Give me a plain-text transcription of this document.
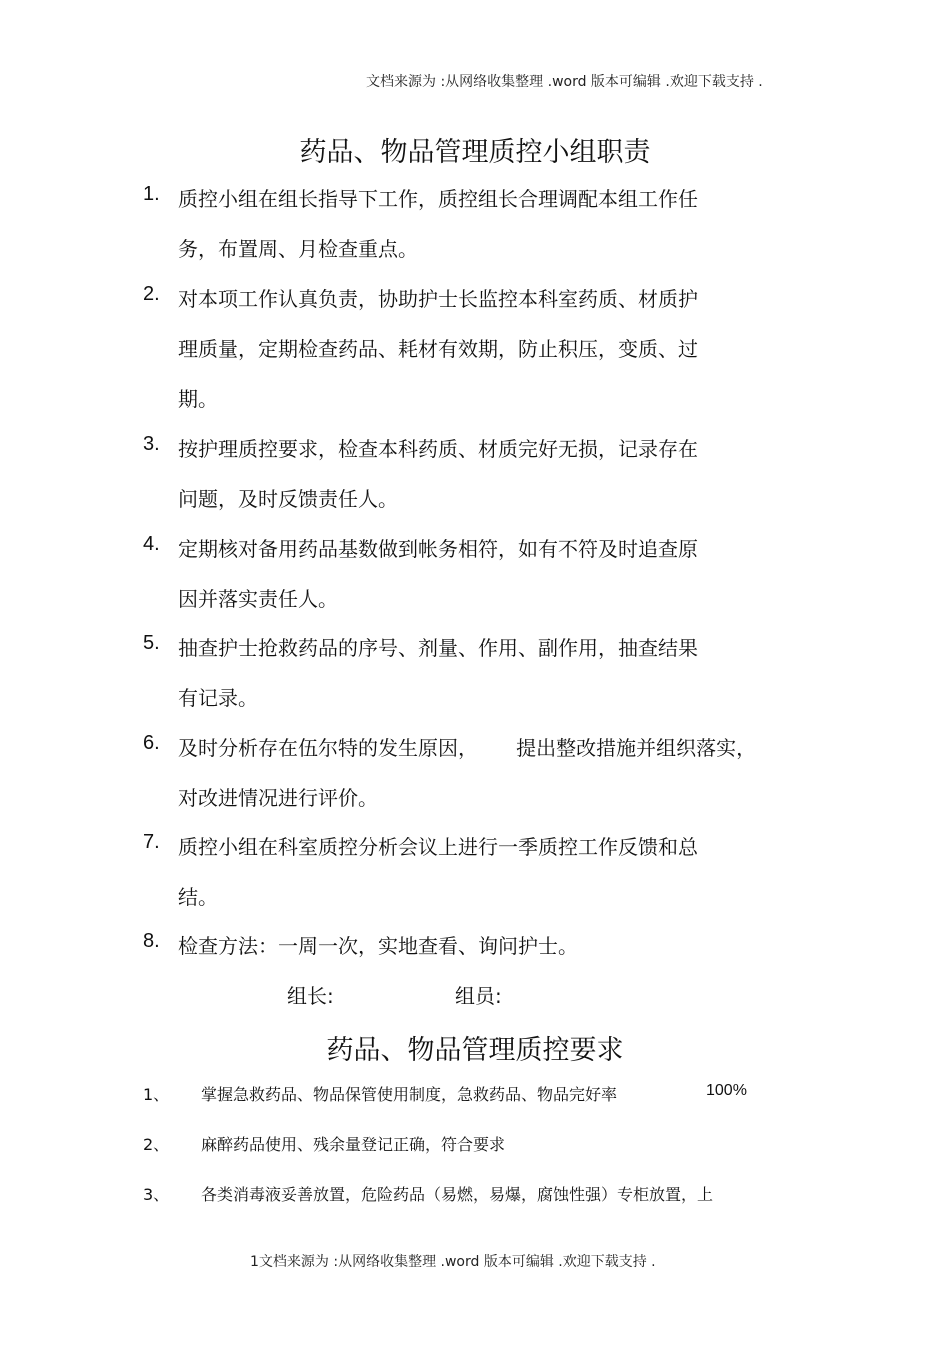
文档来源为 :从网络收集整理 .word 版本可编辑 .欢迎下载支持 .
药品、物品管理质控小组职责
1. 质控小组在组长指导下工作，质控组长合理调配本组工作任
务，布置周、月检查重点。
2. 对本项工作认真负责，协助护士长监控本科室药质、材质护
理质量，定期检查药品、耗材有效期，防止积压，变质、过
期。
3. 按护理质控要求，检查本科药质、材质完好无损，记录存在
问题，及时反馈责任人。
4. 定期核对备用药品基数做到帐务相符，如有不符及时追查原
因并落实责任人。
5. 抽查护士抢救药品的序号、剂量、作用、副作用，抽查结果
有记录。
6. 及时分析存在伍尔特的发生原因，      提出整改措施并组织落实，
对改进情况进行评价。
7. 质控小组在科室质控分析会议上进行一季质控工作反馈和总
结。
8. 检查方法：一周一次，实地查看、询问护士。
组长:	组员:
药品、物品管理质控要求
1、 掌握急救药品、物品保管使用制度，急救药品、物品完好率	100%
2、 麻醉药品使用、残余量登记正确，符合要求
3、 各类消毒液妥善放置，危险药品（易燃，易爆，腐蚀性强）专柜放置，上
1文档来源为 :从网络收集整理 .word 版本可编辑 .欢迎下载支持 .
